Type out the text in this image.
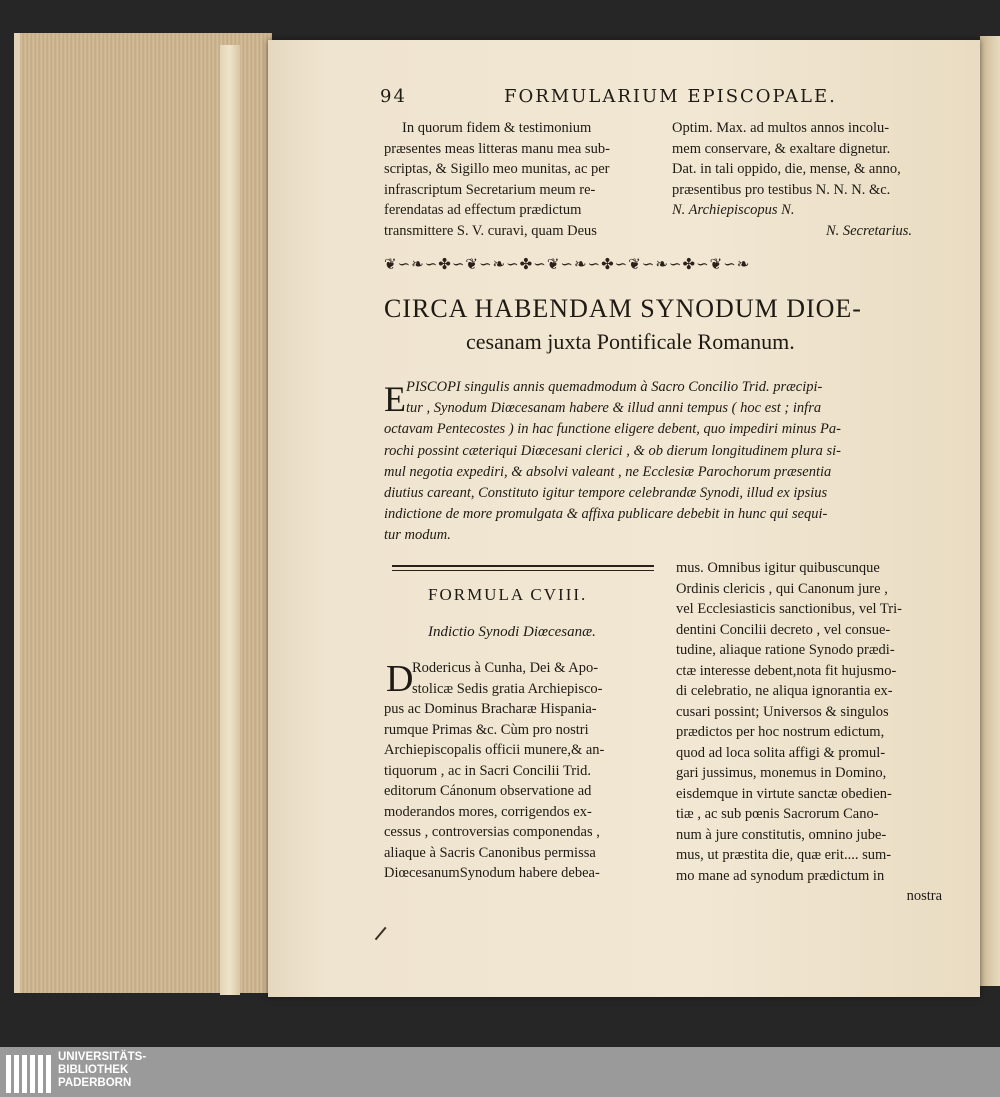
94	FORMULARIUM EPISCOPALE.
In quorum fidem & testimonium
præsentes meas litteras manu mea sub-
scriptas, & Sigillo meo munitas, ac per
infrascriptum Secretarium meum re-
ferendatas ad effectum prædictum
transmittere S. V. curavi, quam Deus
Optim. Max. ad multos annos incolu-
mem conservare, & exaltare dignetur.
Dat. in tali oppido, die, mense, & anno,
præsentibus pro testibus N. N. N. &c.
N. Archiepiscopus N.
N. Secretarius.
❦∽❧∽✤∽❦∽❧∽✤∽❦∽❧∽✤∽❦∽❧∽✤∽❦∽❧
CIRCA HABENDAM SYNODUM DIOE-
cesanam juxta Pontificale Romanum.
E PISCOPI singulis annis quemadmodum à Sacro Concilio Trid. præcipi-
tur , Synodum Diœcesanam habere & illud anni tempus ( hoc est ; infra
octavam Pentecostes ) in hac functione eligere debent, quo impediri minus Pa-
rochi possint cæteriqui Diœcesani clerici , & ob dierum longitudinem plura si-
mul negotia expediri, & absolvi valeant , ne Ecclesiæ Parochorum præsentia
diutius careant, Constituto igitur tempore celebrandæ Synodi, illud ex ipsius
indictione de more promulgata & affixa publicare debebit in hunc qui sequi-
tur modum.
FORMULA CVIII.
Indictio Synodi Diœcesanæ.
D
Rodericus à Cunha, Dei & Apo-
stolicæ Sedis gratia Archiepisco-
pus ac Dominus Bracharæ Hispania-
rumque Primas &c. Cùm pro nostri
Archiepiscopalis officii munere,& an-
tiquorum , ac in Sacri Concilii Trid.
editorum Cánonum observatione ad
moderandos mores, corrigendos ex-
cessus , controversias componendas ,
aliaque à Sacris Canonibus permissa
DiœcesanumSynodum habere debea-
mus. Omnibus igitur quibuscunque
Ordinis clericis , qui Canonum jure ,
vel Ecclesiasticis sanctionibus, vel Tri-
dentini Concilii decreto , vel consue-
tudine, aliaque ratione Synodo prædi-
ctæ interesse debent,nota fit hujusmo-
di celebratio, ne aliqua ignorantia ex-
cusari possint; Universos & singulos
prædictos per hoc nostrum edictum,
quod ad loca solita affigi & promul-
gari jussimus, monemus in Domino,
eisdemque in virtute sanctæ obedien-
tiæ , ac sub pœnis Sacrorum Cano-
num à jure constitutis, omnino jube-
mus, ut præstita die, quæ erit.... sum-
mo mane ad synodum prædictum in
nostra
UNIVERSITÄTS-
BIBLIOTHEK
PADERBORN
